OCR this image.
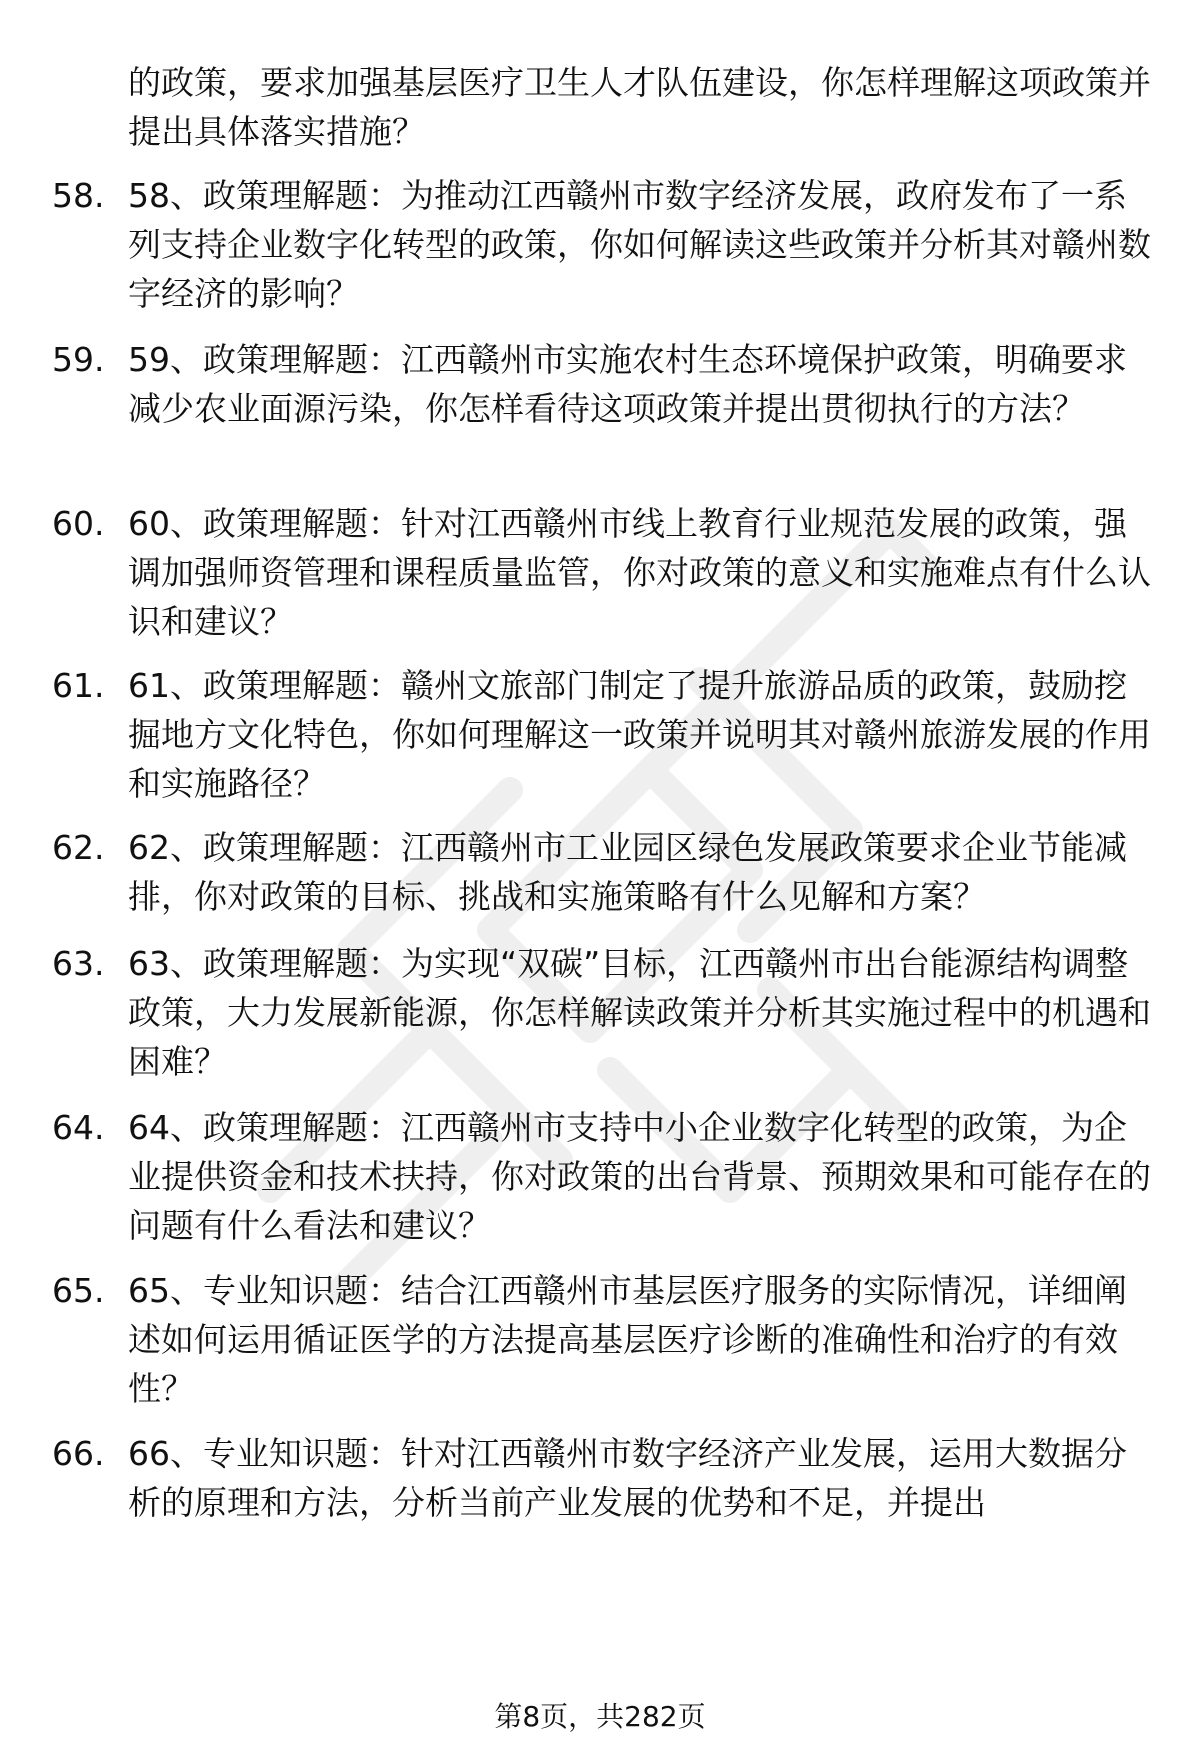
的政策，要求加强基层医疗卫生人才队伍建设，你怎样理解这项政策并提出具体落实措施？
58. 58、政策理解题：为推动江西赣州市数字经济发展，政府发布了一系列支持企业数字化转型的政策，你如何解读这些政策并分析其对赣州数字经济的影响？
59. 59、政策理解题：江西赣州市实施农村生态环境保护政策，明确要求减少农业面源污染，你怎样看待这项政策并提出贯彻执行的方法？
60. 60、政策理解题：针对江西赣州市线上教育行业规范发展的政策，强调加强师资管理和课程质量监管，你对政策的意义和实施难点有什么认识和建议？
61. 61、政策理解题：赣州文旅部门制定了提升旅游品质的政策，鼓励挖掘地方文化特色，你如何理解这一政策并说明其对赣州旅游发展的作用和实施路径？
62. 62、政策理解题：江西赣州市工业园区绿色发展政策要求企业节能减排，你对政策的目标、挑战和实施策略有什么见解和方案？
63. 63、政策理解题：为实现“双碳”目标，江西赣州市出台能源结构调整政策，大力发展新能源，你怎样解读政策并分析其实施过程中的机遇和困难？
64. 64、政策理解题：江西赣州市支持中小企业数字化转型的政策，为企业提供资金和技术扶持，你对政策的出台背景、预期效果和可能存在的问题有什么看法和建议？
65. 65、专业知识题：结合江西赣州市基层医疗服务的实际情况，详细阐述如何运用循证医学的方法提高基层医疗诊断的准确性和治疗的有效性？
66. 66、专业知识题：针对江西赣州市数字经济产业发展，运用大数据分析的原理和方法，分析当前产业发展的优势和不足，并提出
第8页，共282页
